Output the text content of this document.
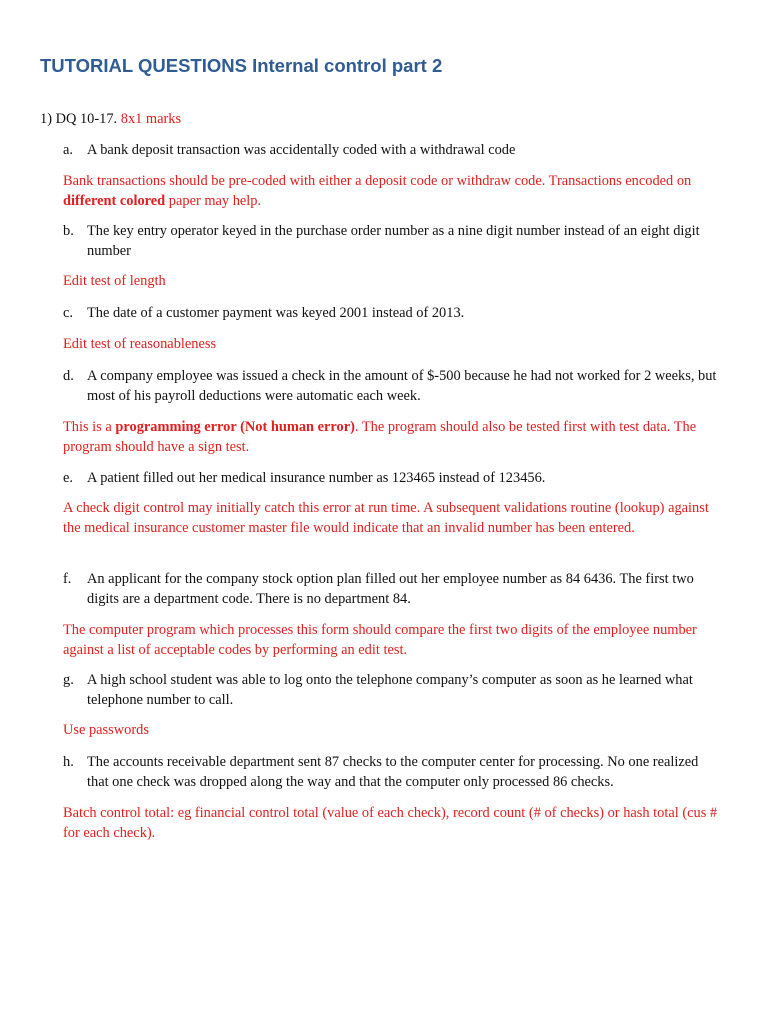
TUTORIAL QUESTIONS Internal control part 2
1) DQ 10-17. 8x1 marks
a. A bank deposit transaction was accidentally coded with a withdrawal code
Bank transactions should be pre-coded with either a deposit code or withdraw code. Transactions encoded on different colored paper may help.
b. The key entry operator keyed in the purchase order number as a nine digit number instead of an eight digit number
Edit test of length
c. The date of a customer payment was keyed 2001 instead of 2013.
Edit test of reasonableness
d. A company employee was issued a check in the amount of $-500 because he had not worked for 2 weeks, but most of his payroll deductions were automatic each week.
This is a programming error (Not human error). The program should also be tested first with test data. The program should have a sign test.
e. A patient filled out her medical insurance number as 123465 instead of 123456.
A check digit control may initially catch this error at run time. A subsequent validations routine (lookup) against the medical insurance customer master file would indicate that an invalid number has been entered.
f. An applicant for the company stock option plan filled out her employee number as 84 6436. The first two digits are a department code. There is no department 84.
The computer program which processes this form should compare the first two digits of the employee number against a list of acceptable codes by performing an edit test.
g. A high school student was able to log onto the telephone company’s computer as soon as he learned what telephone number to call.
Use passwords
h. The accounts receivable department sent 87 checks to the computer center for processing. No one realized that one check was dropped along the way and that the computer only processed 86 checks.
Batch control total: eg financial control total (value of each check), record count (# of checks) or hash total (cus # for each check).
